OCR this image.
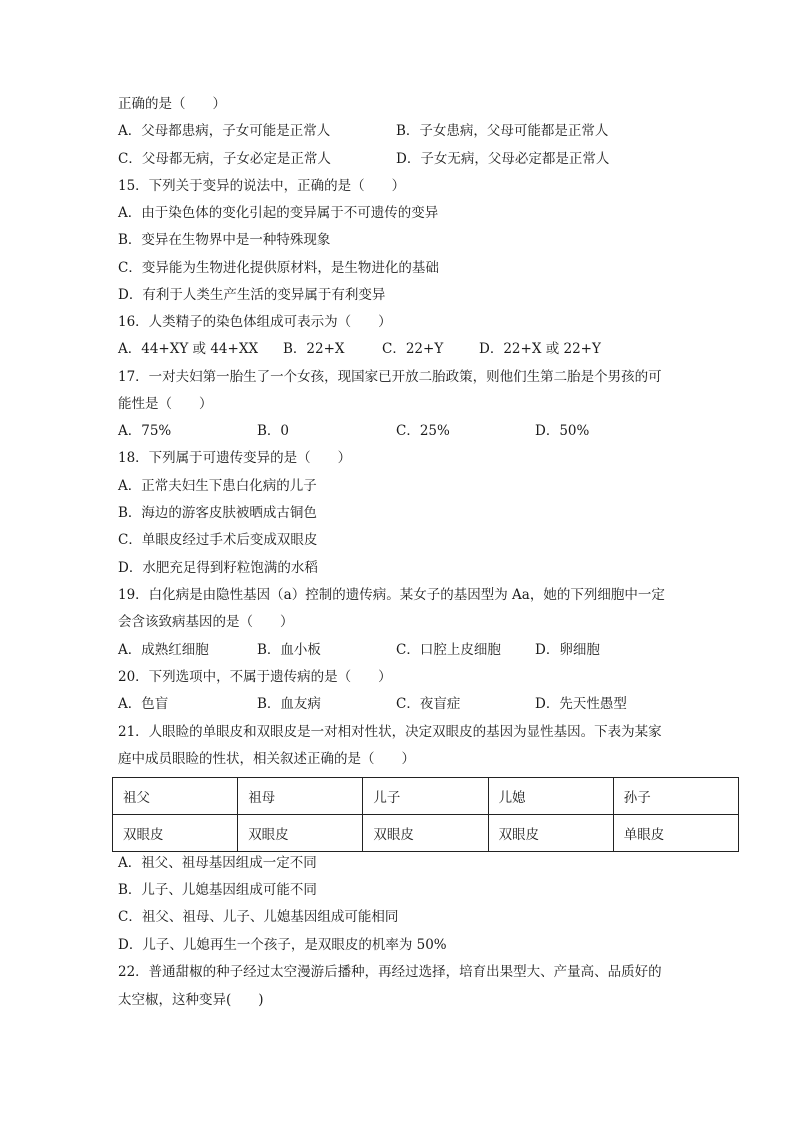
正确的是（　　）
A．父母都患病，子女可能是正常人	B．子女患病，父母可能都是正常人
C．父母都无病，子女必定是正常人	D．子女无病，父母必定都是正常人
15．下列关于变异的说法中，正确的是（　　）
A．由于染色体的变化引起的变异属于不可遗传的变异
B．变异在生物界中是一种特殊现象
C．变异能为生物进化提供原材料，是生物进化的基础
D．有利于人类生产生活的变异属于有利变异
16．人类精子的染色体组成可表示为（　　）
A．44+XY 或 44+XX B．22+X	C．22+Y	D．22+X 或 22+Y
17．一对夫妇第一胎生了一个女孩，现国家已开放二胎政策，则他们生第二胎是个男孩的可
能性是（　　）
A．75%	B．0	C．25%	D．50%
18．下列属于可遗传变异的是（　　）
A．正常夫妇生下患白化病的儿子
B．海边的游客皮肤被晒成古铜色
C．单眼皮经过手术后变成双眼皮
D．水肥充足得到籽粒饱满的水稻
19．白化病是由隐性基因（a）控制的遗传病。某女子的基因型为 Aa，她的下列细胞中一定
会含该致病基因的是（　　）
A．成熟红细胞	B．血小板	C．口腔上皮细胞	D．卵细胞
20．下列选项中，不属于遗传病的是（　　）
A．色盲	B．血友病	C．夜盲症	D．先天性愚型
21．人眼睑的单眼皮和双眼皮是一对相对性状，决定双眼皮的基因为显性基因。下表为某家
庭中成员眼睑的性状，相关叙述正确的是（　　）
祖父	祖母	儿子	儿媳	孙子
双眼皮	双眼皮	双眼皮	双眼皮	单眼皮
A．祖父、祖母基因组成一定不同
B．儿子、儿媳基因组成可能不同
C．祖父、祖母、儿子、儿媳基因组成可能相同
D．儿子、儿媳再生一个孩子，是双眼皮的机率为 50%
22．普通甜椒的种子经过太空漫游后播种，再经过选择，培育出果型大、产量高、品质好的
太空椒，这种变异(　　)
